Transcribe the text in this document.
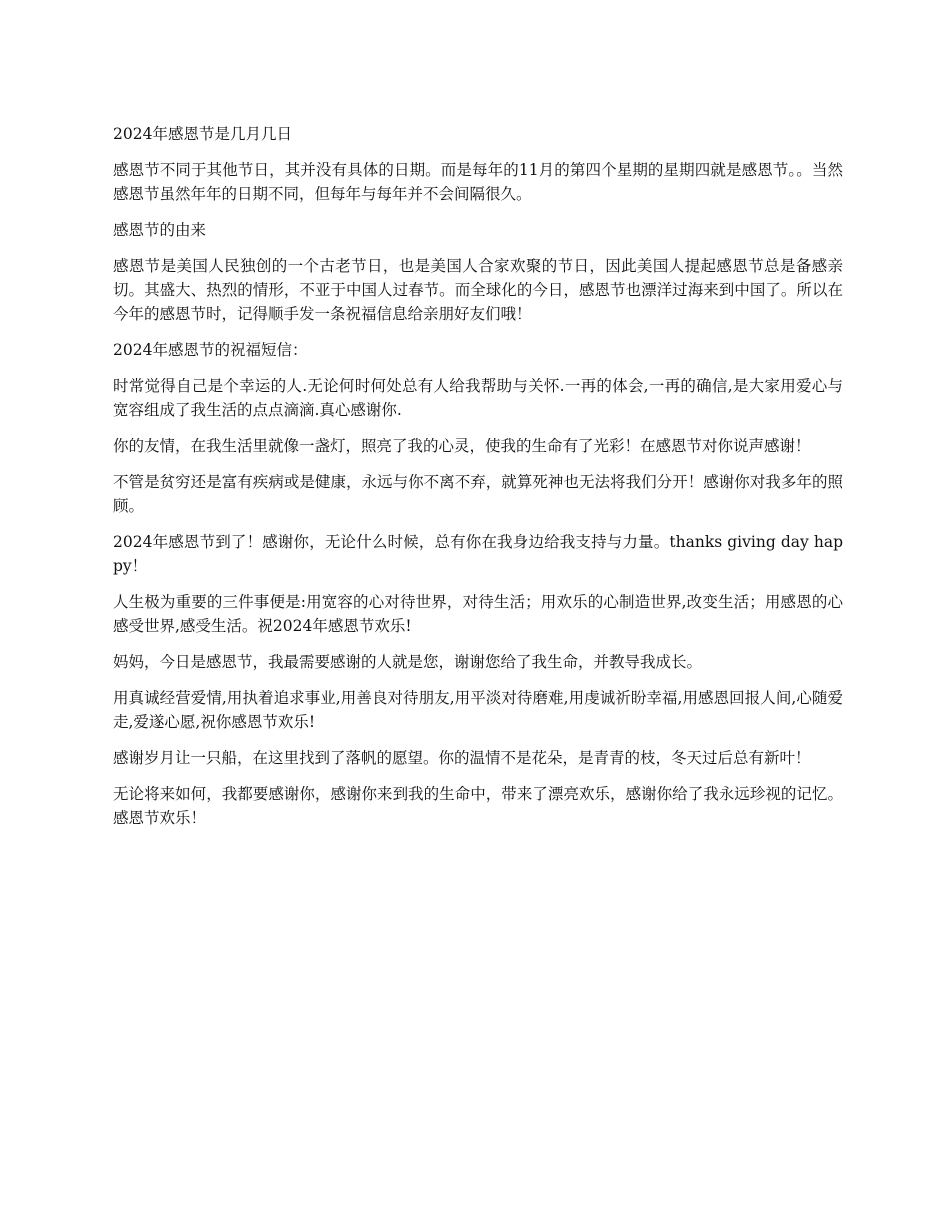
2024年感恩节是几月几日

感恩节不同于其他节日，其并没有具体的日期。而是每年的11月的第四个星期的星期四就是感恩节。。当然感恩节虽然年年的日期不同，但每年与每年并不会间隔很久。

感恩节的由来

感恩节是美国人民独创的一个古老节日，也是美国人合家欢聚的节日，因此美国人提起感恩节总是备感亲切。其盛大、热烈的情形，不亚于中国人过春节。而全球化的今日，感恩节也漂洋过海来到中国了。所以在今年的感恩节时，记得顺手发一条祝福信息给亲朋好友们哦！

2024年感恩节的祝福短信：

时常觉得自己是个幸运的人.无论何时何处总有人给我帮助与关怀.一再的体会,一再的确信,是大家用爱心与宽容组成了我生活的点点滴滴.真心感谢你.

你的友情，在我生活里就像一盏灯，照亮了我的心灵，使我的生命有了光彩！在感恩节对你说声感谢！

不管是贫穷还是富有疾病或是健康，永远与你不离不弃，就算死神也无法将我们分开！感谢你对我多年的照顾。

2024年感恩节到了！感谢你，无论什么时候，总有你在我身边给我支持与力量。thanks giving day happy！

人生极为重要的三件事便是:用宽容的心对待世界，对待生活；用欢乐的心制造世界,改变生活；用感恩的心感受世界,感受生活。祝2024年感恩节欢乐!

妈妈，今日是感恩节，我最需要感谢的人就是您，谢谢您给了我生命，并教导我成长。

用真诚经营爱情,用执着追求事业,用善良对待朋友,用平淡对待磨难,用虔诚祈盼幸福,用感恩回报人间,心随爱走,爱遂心愿,祝你感恩节欢乐!

感谢岁月让一只船，在这里找到了落帆的愿望。你的温情不是花朵，是青青的枝，冬天过后总有新叶！

无论将来如何，我都要感谢你，感谢你来到我的生命中，带来了漂亮欢乐，感谢你给了我永远珍视的记忆。感恩节欢乐！
